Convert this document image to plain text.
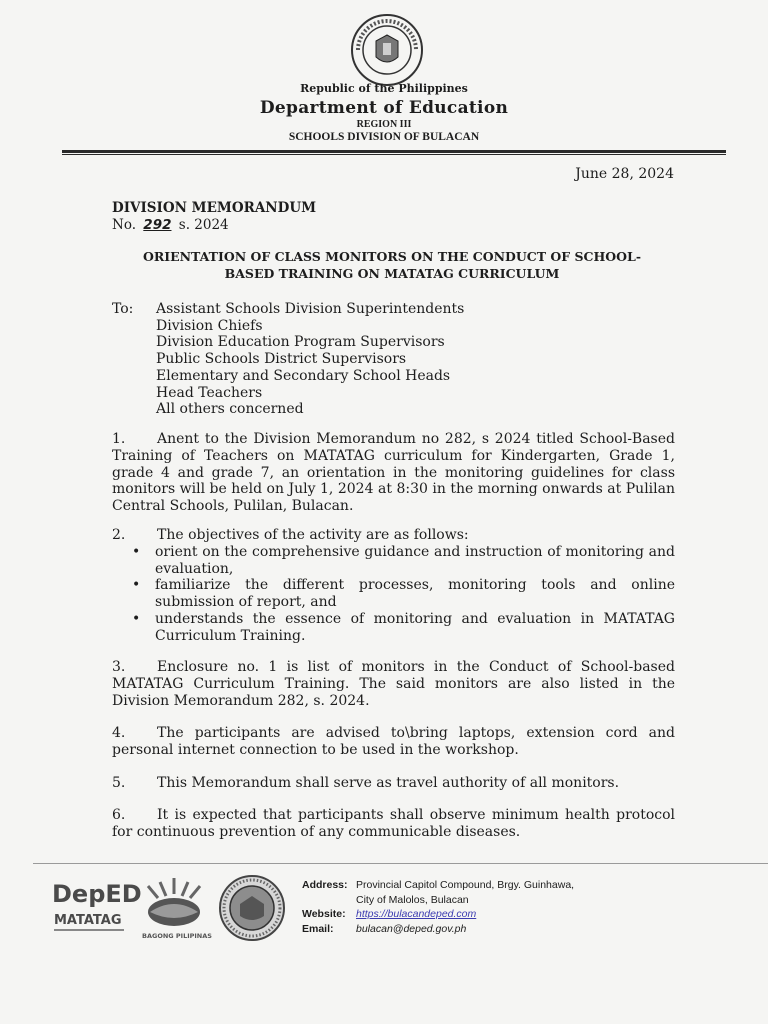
Republic of the Philippines
Department of Education
REGION III
SCHOOLS DIVISION OF BULACAN
June 28, 2024
DIVISION MEMORANDUM
No. 292 s. 2024
ORIENTATION OF CLASS MONITORS ON THE CONDUCT OF SCHOOL-
BASED TRAINING ON MATATAG CURRICULUM
To: Assistant Schools Division Superintendents
Division Chiefs
Division Education Program Supervisors
Public Schools District Supervisors
Elementary and Secondary School Heads
Head Teachers
All others concerned
1. Anent to the Division Memorandum no 282, s 2024 titled School-Based Training of Teachers on MATATAG curriculum for Kindergarten, Grade 1, grade 4 and grade 7, an orientation in the monitoring guidelines for class monitors will be held on July 1, 2024 at 8:30 in the morning onwards at Pulilan Central Schools, Pulilan, Bulacan.
2. The objectives of the activity are as follows:
• orient on the comprehensive guidance and instruction of monitoring and evaluation,
• familiarize the different processes, monitoring tools and online submission of report, and
• understands the essence of monitoring and evaluation in MATATAG Curriculum Training.
3. Enclosure no. 1 is list of monitors in the Conduct of School-based MATATAG Curriculum Training. The said monitors are also listed in the Division Memorandum 282, s. 2024.
4. The participants are advised to\bring laptops, extension cord and personal internet connection to be used in the workshop.
5. This Memorandum shall serve as travel authority of all monitors.
6. It is expected that participants shall observe minimum health protocol for continuous prevention of any communicable diseases.
DepED
MATATAG
BAGONG PILIPINAS
Address: Provincial Capitol Compound, Brgy. Guinhawa,
City of Malolos, Bulacan
Website: https://bulacandeped.com
Email:	bulacan@deped.gov.ph
